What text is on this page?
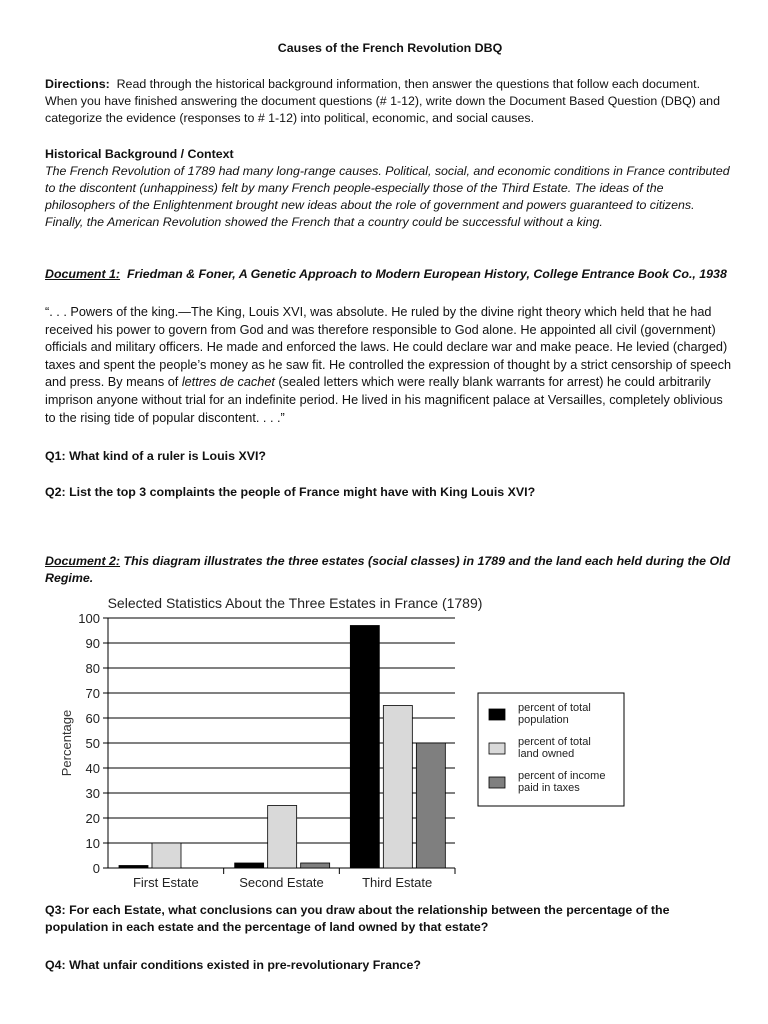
Causes of the French Revolution DBQ

Directions: Read through the historical background information, then answer the questions that follow each document. When you have finished answering the document questions (# 1-12), write down the Document Based Question (DBQ) and categorize the evidence (responses to # 1-12) into political, economic, and social causes.

Historical Background / Context

The French Revolution of 1789 had many long-range causes. Political, social, and economic conditions in France contributed to the discontent (unhappiness) felt by many French people-especially those of the Third Estate. The ideas of the philosophers of the Enlightenment brought new ideas about the role of government and powers guaranteed to citizens. Finally, the American Revolution showed the French that a country could be successful without a king.

Document 1: Friedman & Foner, A Genetic Approach to Modern European History, College Entrance Book Co., 1938

“. . . Powers of the king.—The King, Louis XVI, was absolute. He ruled by the divine right theory which held that he had received his power to govern from God and was therefore responsible to God alone. He appointed all civil (government) officials and military officers. He made and enforced the laws. He could declare war and make peace. He levied (charged) taxes and spent the people’s money as he saw fit. He controlled the expression of thought by a strict censorship of speech and press. By means of lettres de cachet (sealed letters which were really blank warrants for arrest) he could arbitrarily imprison anyone without trial for an indefinite period. He lived in his magnificent palace at Versailles, completely oblivious to the rising tide of popular discontent. . . .”

Q1: What kind of a ruler is Louis XVI?
Q2: List the top 3 complaints the people of France might have with King Louis XVI?

Document 2: This diagram illustrates the three estates (social classes) in 1789 and the land each held during the Old Regime.

Q3: For each Estate, what conclusions can you draw about the relationship between the percentage of the population in each estate and the percentage of land owned by that estate?
Q4: What unfair conditions existed in pre-revolutionary France?
Selected Statistics About the Three Estates in France (1789)
0
10
20
30
40
50
60
70
80
90
100
Percentage
First Estate	Second Estate	Third Estate
percent of total
population
percent of total
land owned
percent of income
paid in taxes
